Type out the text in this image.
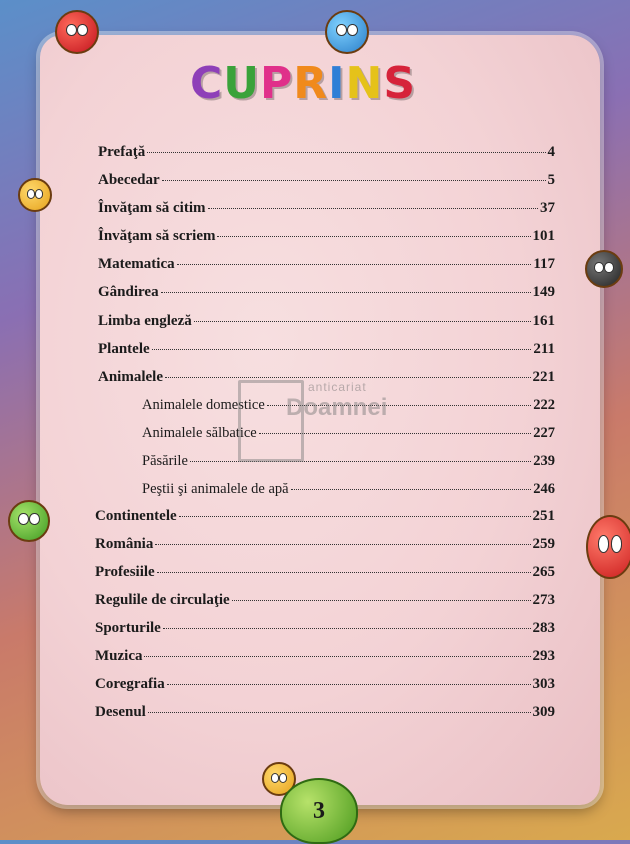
CUPRINS
Prefaţă	4
Abecedar	5
Învăţam să citim	37
Învăţam să scriem	101
Matematica	117
Gândirea	149
Limba engleză	161
Plantele	211
Animalele	221
Animalele domestice	222
Animalele sălbatice	227
Păsările	239
Peştii şi animalele de apă	246
Continentele	251
România	259
Profesiile	265
Regulile de circulaţie	273
Sporturile	283
Muzica	293
Coregrafia	303
Desenul	309
anticariat
Doamnei
3
